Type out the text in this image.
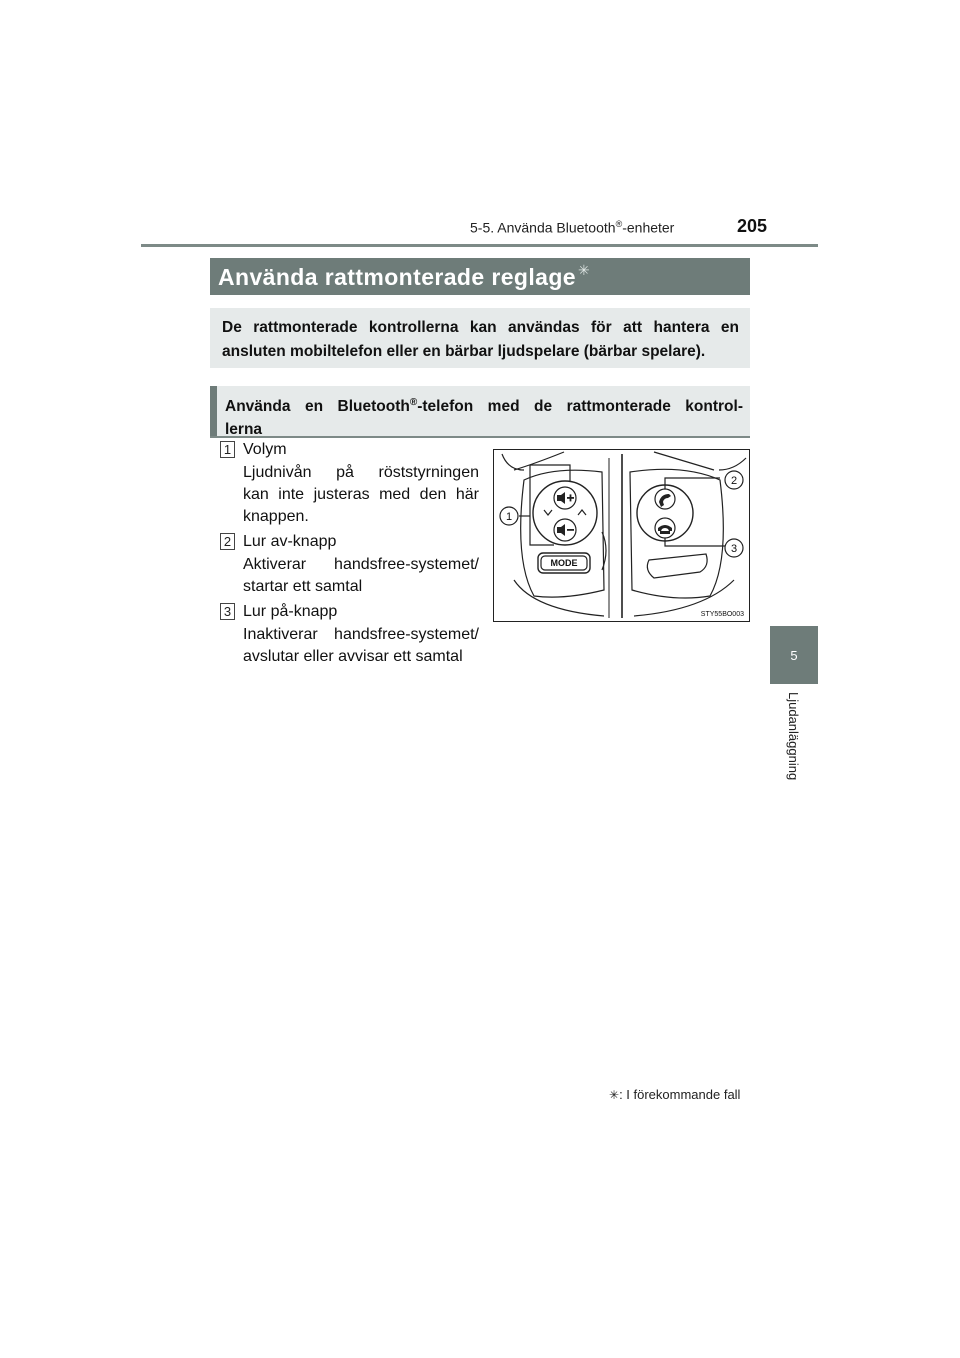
5-5. Använda Bluetooth®-enheter	205
5
Ljudanläggning
Använda rattmonterade reglage ✳
De rattmonterade kontrollerna kan användas för att hantera en
ansluten mobiltelefon eller en bärbar ljudspelare (bärbar spelare).
Använda en Bluetooth®-telefon med de rattmonterade kontrol-
lerna
1 Volym
Ljudnivån på röststyrningen
kan inte justeras med den här
knappen.
2 Lur av-knapp
Aktiverar handsfree-systemet/
startar ett samtal
3 Lur på-knapp
Inaktiverar handsfree-systemet/
avslutar eller avvisar ett samtal
MODE
1
2
3
STY55BO003
✳: I förekommande fall
